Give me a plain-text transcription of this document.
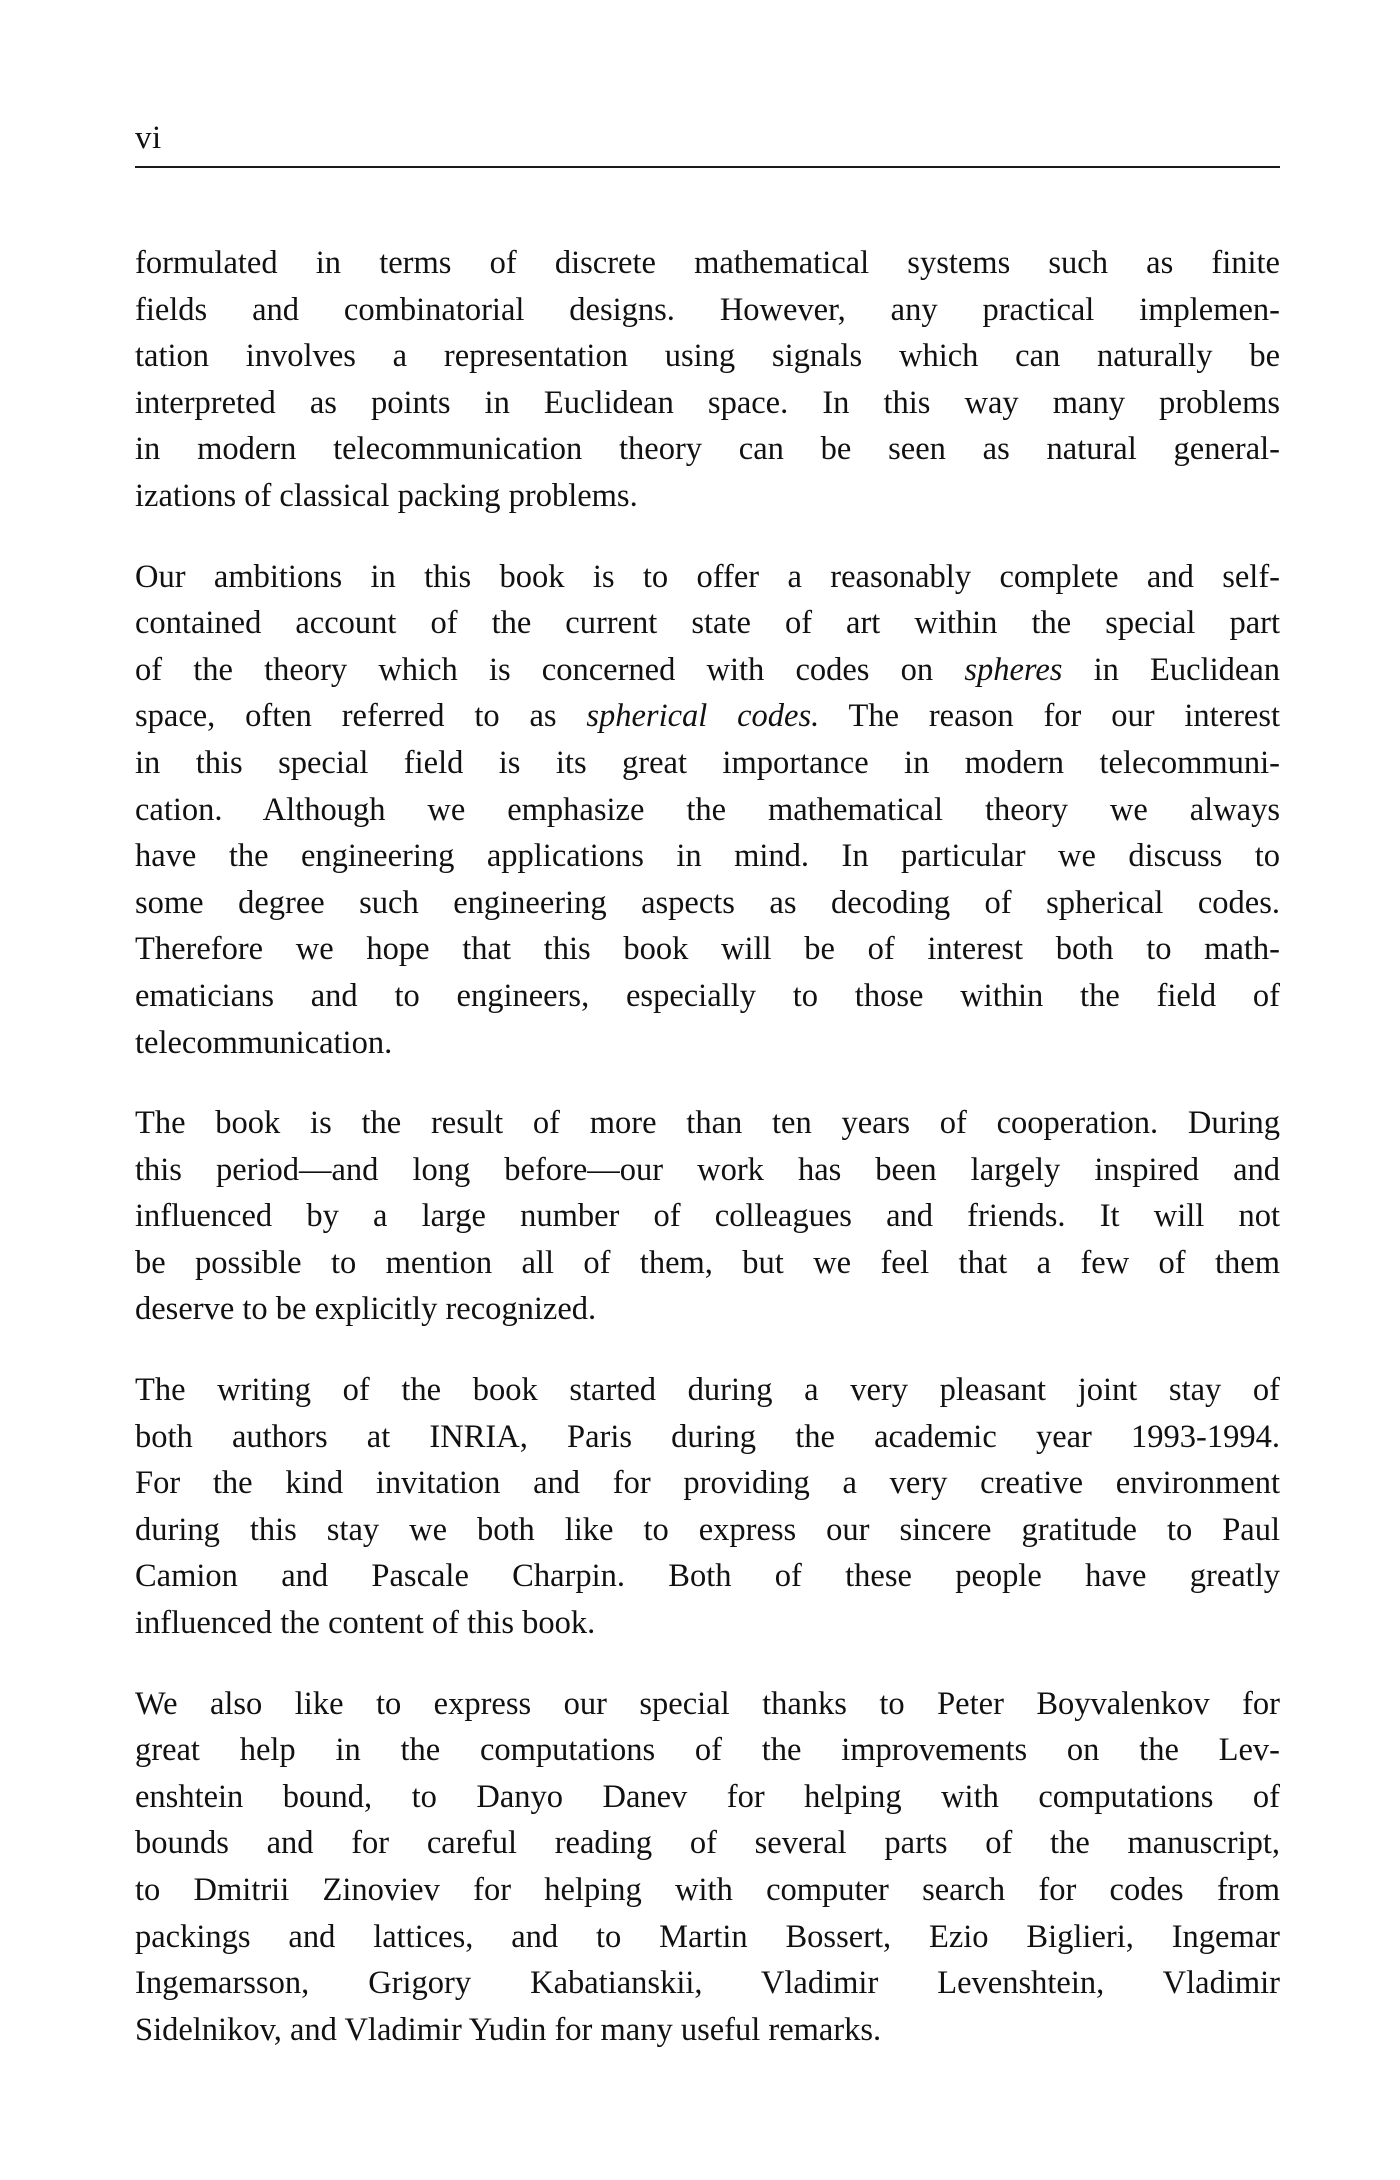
vi
formulated in terms of discrete mathematical systems such as finite
fields and combinatorial designs. However, any practical implemen-
tation involves a representation using signals which can naturally be
interpreted as points in Euclidean space. In this way many problems
in modern telecommunication theory can be seen as natural general-
izations of classical packing problems.
Our ambitions in this book is to offer a reasonably complete and self-
contained account of the current state of art within the special part
of the theory which is concerned with codes on spheres in Euclidean
space, often referred to as spherical codes. The reason for our interest
in this special field is its great importance in modern telecommuni-
cation. Although we emphasize the mathematical theory we always
have the engineering applications in mind. In particular we discuss to
some degree such engineering aspects as decoding of spherical codes.
Therefore we hope that this book will be of interest both to math-
ematicians and to engineers, especially to those within the field of
telecommunication.
The book is the result of more than ten years of cooperation. During
this period—and long before—our work has been largely inspired and
influenced by a large number of colleagues and friends. It will not
be possible to mention all of them, but we feel that a few of them
deserve to be explicitly recognized.
The writing of the book started during a very pleasant joint stay of
both authors at INRIA, Paris during the academic year 1993-1994.
For the kind invitation and for providing a very creative environment
during this stay we both like to express our sincere gratitude to Paul
Camion and Pascale Charpin. Both of these people have greatly
influenced the content of this book.
We also like to express our special thanks to Peter Boyvalenkov for
great help in the computations of the improvements on the Lev-
enshtein bound, to Danyo Danev for helping with computations of
bounds and for careful reading of several parts of the manuscript,
to Dmitrii Zinoviev for helping with computer search for codes from
packings and lattices, and to Martin Bossert, Ezio Biglieri, Ingemar
Ingemarsson, Grigory Kabatianskii, Vladimir Levenshtein, Vladimir
Sidelnikov, and Vladimir Yudin for many useful remarks.
